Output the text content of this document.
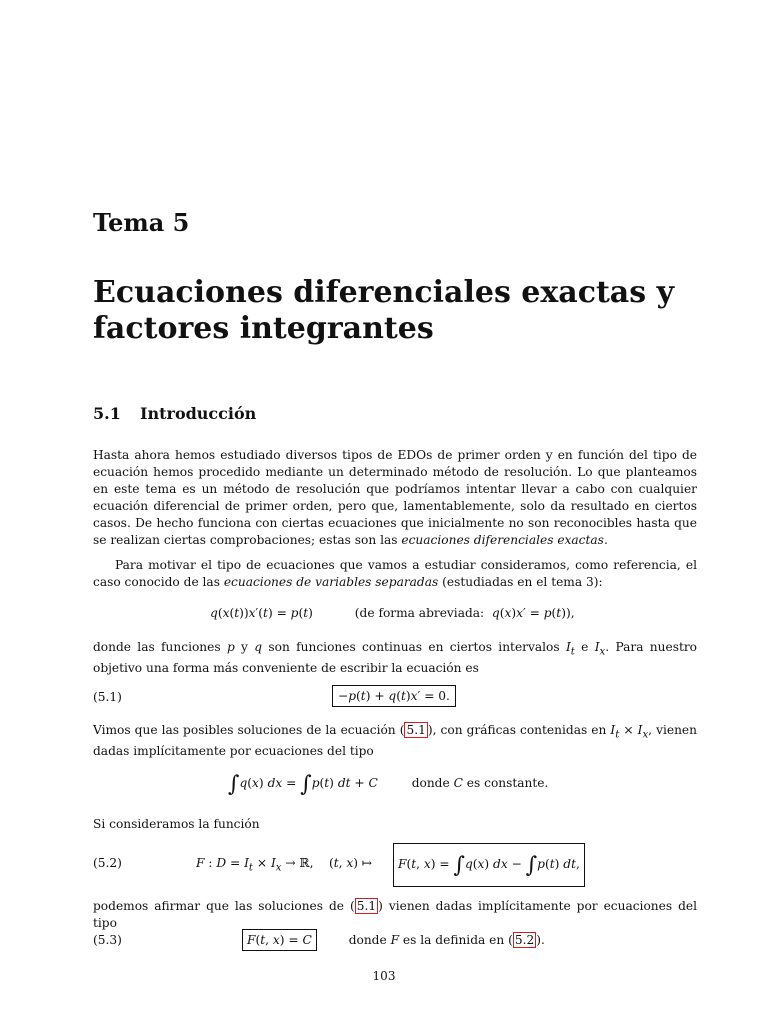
Tema 5
Ecuaciones diferenciales exactas y factores integrantes
5.1 Introducción
Hasta ahora hemos estudiado diversos tipos de EDOs de primer orden y en función del tipo de ecuación hemos procedido mediante un determinado método de resolución. Lo que planteamos en este tema es un método de resolución que podríamos intentar llevar a cabo con cualquier ecuación diferencial de primer orden, pero que, lamentablemente, solo da resultado en ciertos casos. De hecho funciona con ciertas ecuaciones que inicialmente no son reconocibles hasta que se realizan ciertas comprobaciones; estas son las ecuaciones diferenciales exactas.
Para motivar el tipo de ecuaciones que vamos a estudiar consideramos, como referencia, el caso conocido de las ecuaciones de variables separadas (estudiadas en el tema 3):
q(x(t))x′(t) = p(t)	(de forma abreviada: q(x)x′ = p(t)),
donde las funciones p y q son funciones continuas en ciertos intervalos $I_t$ e $I_x$. Para nuestro objetivo una forma más conveniente de escribir la ecuación es
(5.1)	−p(t) + q(t)x′ = 0.
Vimos que las posibles soluciones de la ecuación ( 5.1 ), con gráficas contenidas en $I_t \times I_x$, vienen dadas implícitamente por ecuaciones del tipo
∫q(x) dx = ∫p(t) dt + C	donde C es constante.
Si consideramos la función
(5.2)	F : $D = I_t \times I_x$ → ℝ,    (t, x) ↦	F(t, x) = ∫q(x) dx − ∫p(t) dt,
podemos afirmar que las soluciones de ( 5.1 ) vienen dadas implícitamente por ecuaciones del tipo
(5.3)	F(t, x) = C	donde F es la definida en ( 5.2 ).
103
